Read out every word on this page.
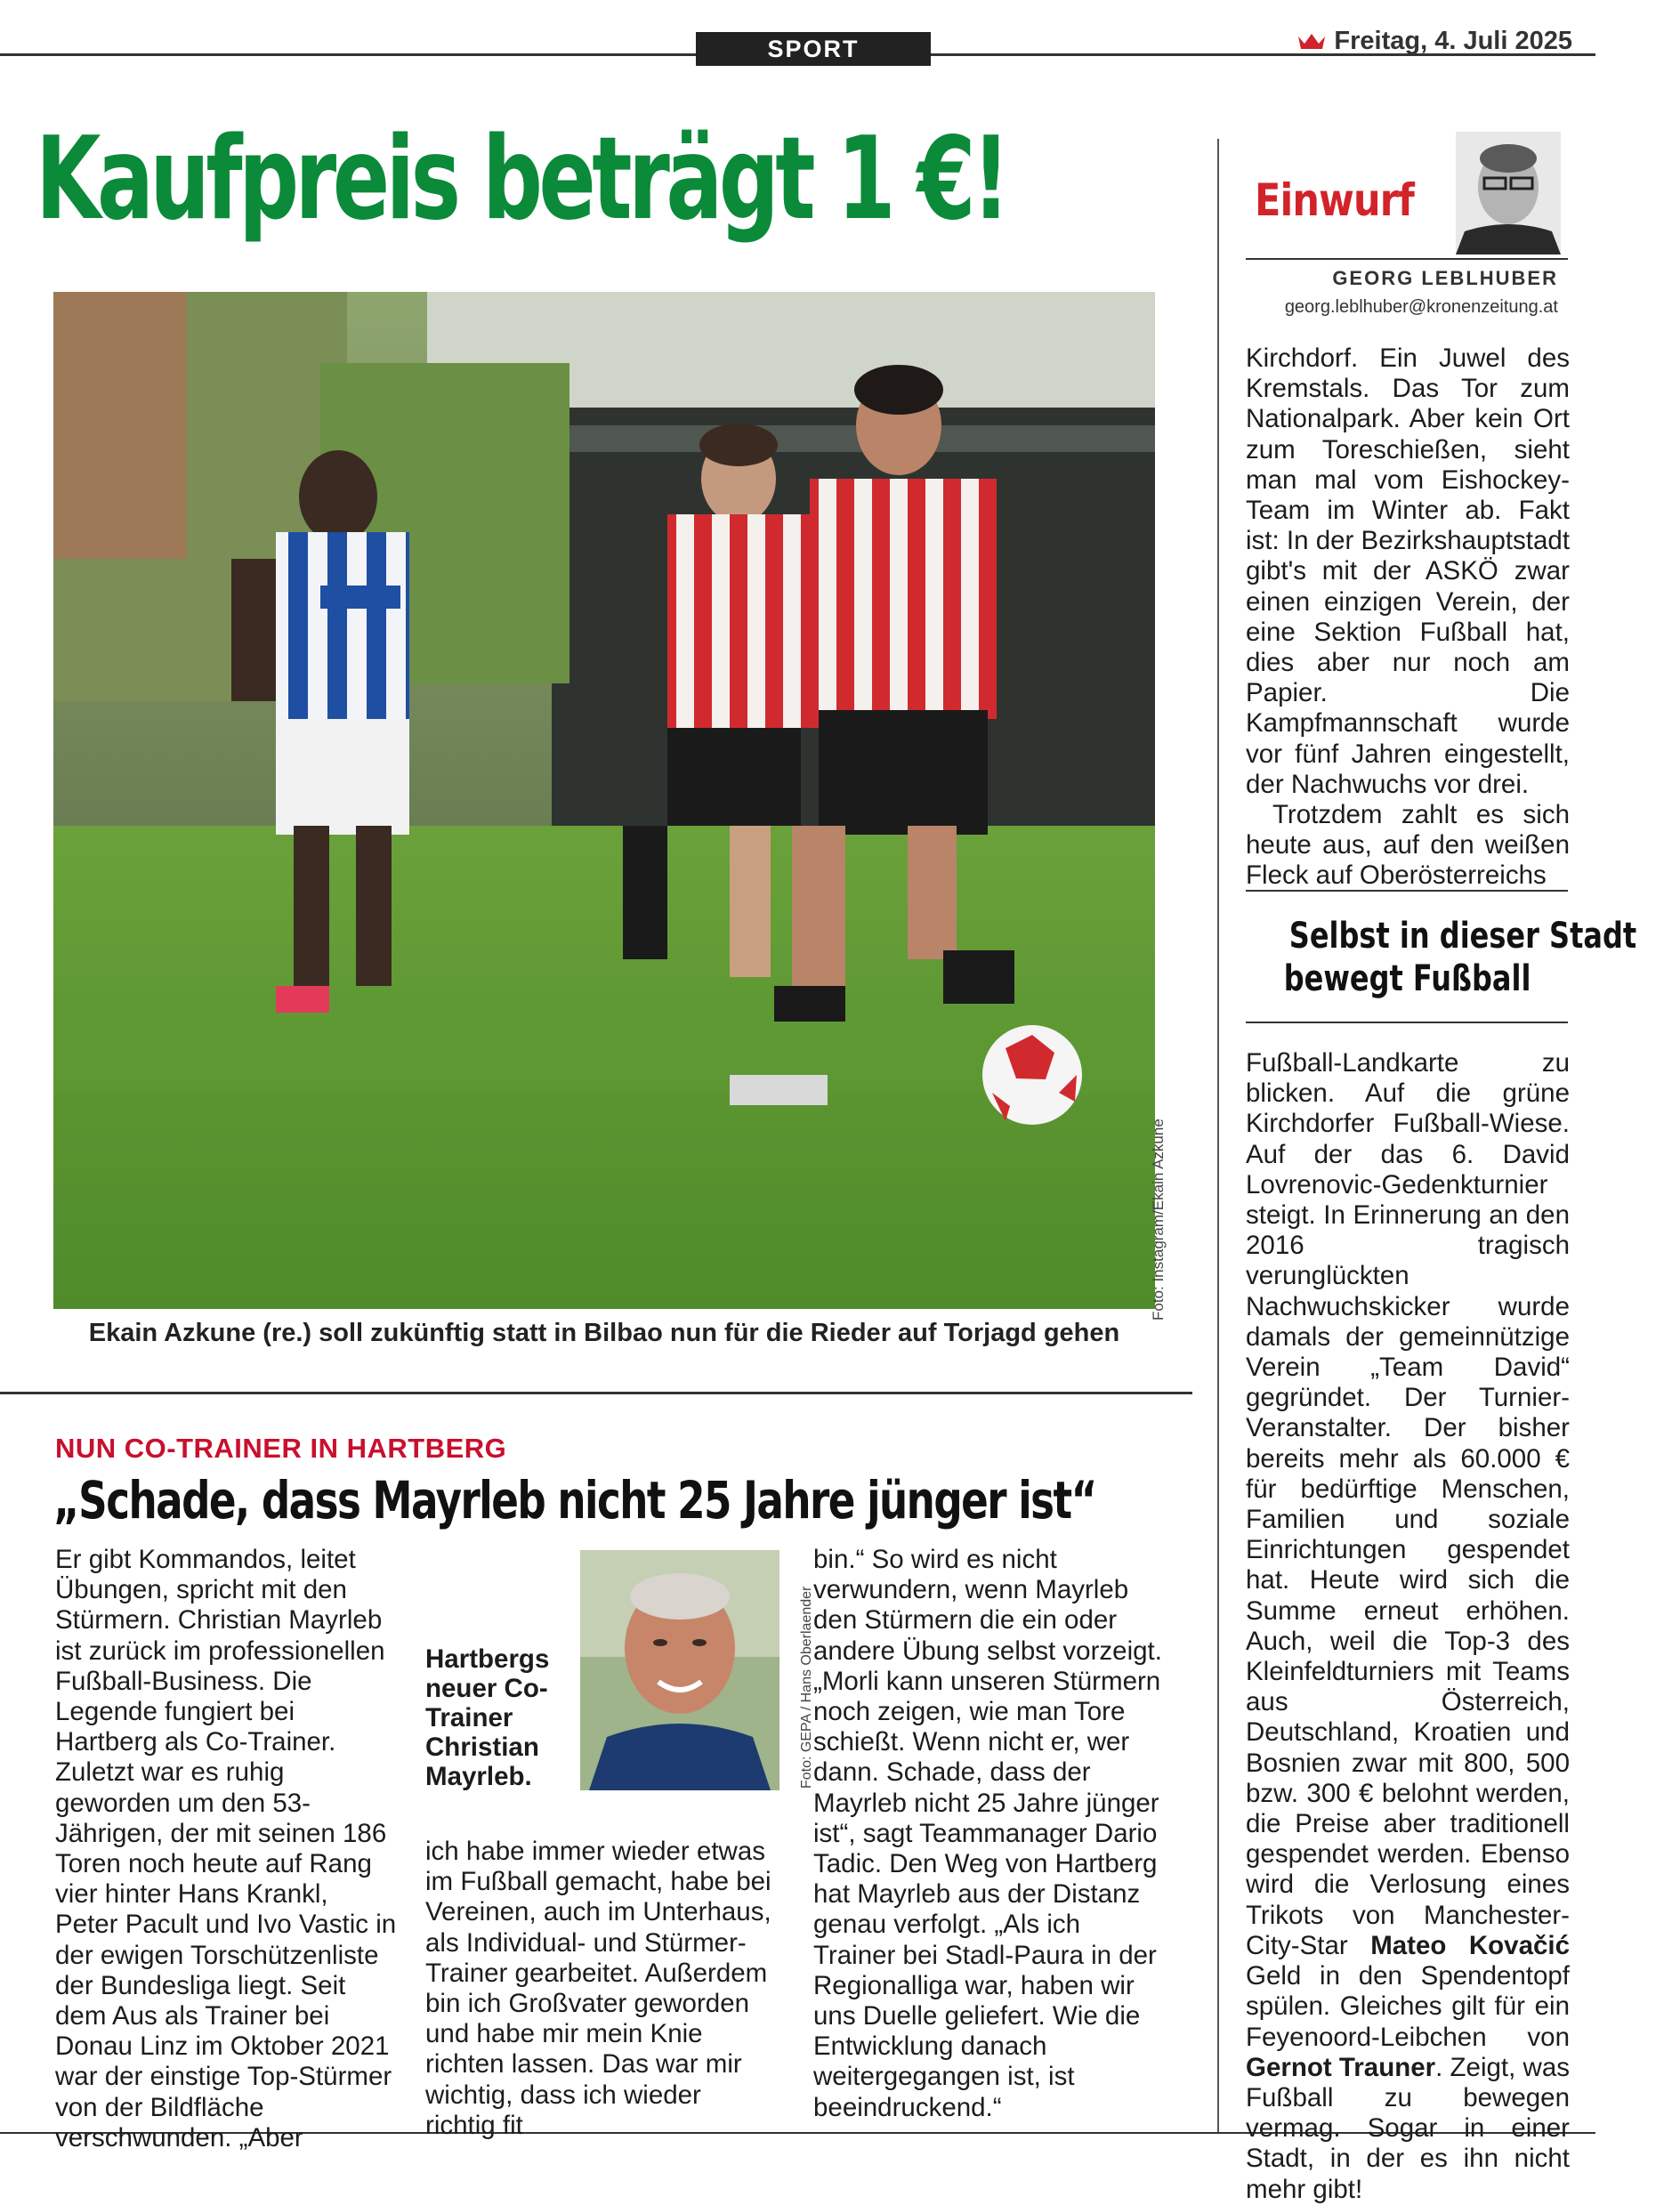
SPORT	Freitag, 4. Juli 2025
Kaufpreis beträgt 1 €!
Foto: Instagram/Ekain Azkune
Ekain Azkune (re.) soll zukünftig statt in Bilbao nun für die Rieder auf Torjagd gehen
NUN CO-TRAINER IN HARTBERG
„Schade, dass Mayrleb nicht 25 Jahre jünger ist“

Er gibt Kommandos, leitet Übungen, spricht mit den Stürmern. Christian Mayrleb ist zurück im professionellen Fußball-Business. Die Legende fungiert bei Hartberg als Co-Trainer. Zuletzt war es ruhig geworden um den 53-Jährigen, der mit seinen 186 Toren noch heute auf Rang vier hinter Hans Krankl, Peter Pacult und Ivo Vastic in der ewigen Torschützenliste der Bundesliga liegt. Seit dem Aus als Trainer bei Donau Linz im Oktober 2021 war der einstige Top-Stürmer von der Bildfläche verschwunden. „Aber

Foto: GEPA / Hans Oberlaender
Hartbergs neuer Co-Trainer Christian Mayrleb.

ich habe immer wieder etwas im Fußball gemacht, habe bei Vereinen, auch im Unterhaus, als Individual- und Stürmer-Trainer gearbeitet. Außerdem bin ich Großvater geworden und habe mir mein Knie richten lassen. Das war mir wichtig, dass ich wieder richtig fit

bin.“ So wird es nicht verwundern, wenn Mayrleb den Stürmern die ein oder andere Übung selbst vorzeigt. „Morli kann unseren Stürmern noch zeigen, wie man Tore schießt. Wenn nicht er, wer dann. Schade, dass der Mayrleb nicht 25 Jahre jünger ist“, sagt Teammanager Dario Tadic. Den Weg von Hartberg hat Mayrleb aus der Distanz genau verfolgt. „Als ich Trainer bei Stadl-Paura in der Regionalliga war, haben wir uns Duelle geliefert. Wie die Entwicklung danach weitergegangen ist, ist beeindruckend.“

Einwurf
GEORG LEBLHUBER
georg.leblhuber@kronenzeitung.at

Kirchdorf. Ein Juwel des Kremstals. Das Tor zum Nationalpark. Aber kein Ort zum Toreschießen, sieht man mal vom Eishockey-Team im Winter ab. Fakt ist: In der Bezirkshauptstadt gibt's mit der ASKÖ zwar einen einzigen Verein, der eine Sektion Fußball hat, dies aber nur noch am Papier. Die Kampfmannschaft wurde vor fünf Jahren eingestellt, der Nachwuchs vor drei.

Trotzdem zahlt es sich heute aus, auf den weißen Fleck auf Oberösterreichs

Selbst in dieser Stadt
bewegt Fußball

Fußball-Landkarte zu blicken. Auf die grüne Kirchdorfer Fußball-Wiese. Auf der das 6. David Lovrenovic-Gedenkturnier steigt. In Erinnerung an den 2016 tragisch verunglückten Nachwuchskicker wurde damals der gemeinnützige Verein „Team David“ gegründet. Der Turnier-Veranstalter. Der bisher bereits mehr als 60.000 € für bedürftige Menschen, Familien und soziale Einrichtungen gespendet hat. Heute wird sich die Summe erneut erhöhen. Auch, weil die Top-3 des Kleinfeldturniers mit Teams aus Österreich, Deutschland, Kroatien und Bosnien zwar mit 800, 500 bzw. 300 € belohnt werden, die Preise aber traditionell gespendet werden. Ebenso wird die Verlosung eines Trikots von Manchester-City-Star Mateo Kovačić Geld in den Spendentopf spülen. Gleiches gilt für ein Feyenoord-Leibchen von Gernot Trauner. Zeigt, was Fußball zu bewegen vermag. Sogar in einer Stadt, in der es ihn nicht mehr gibt!
